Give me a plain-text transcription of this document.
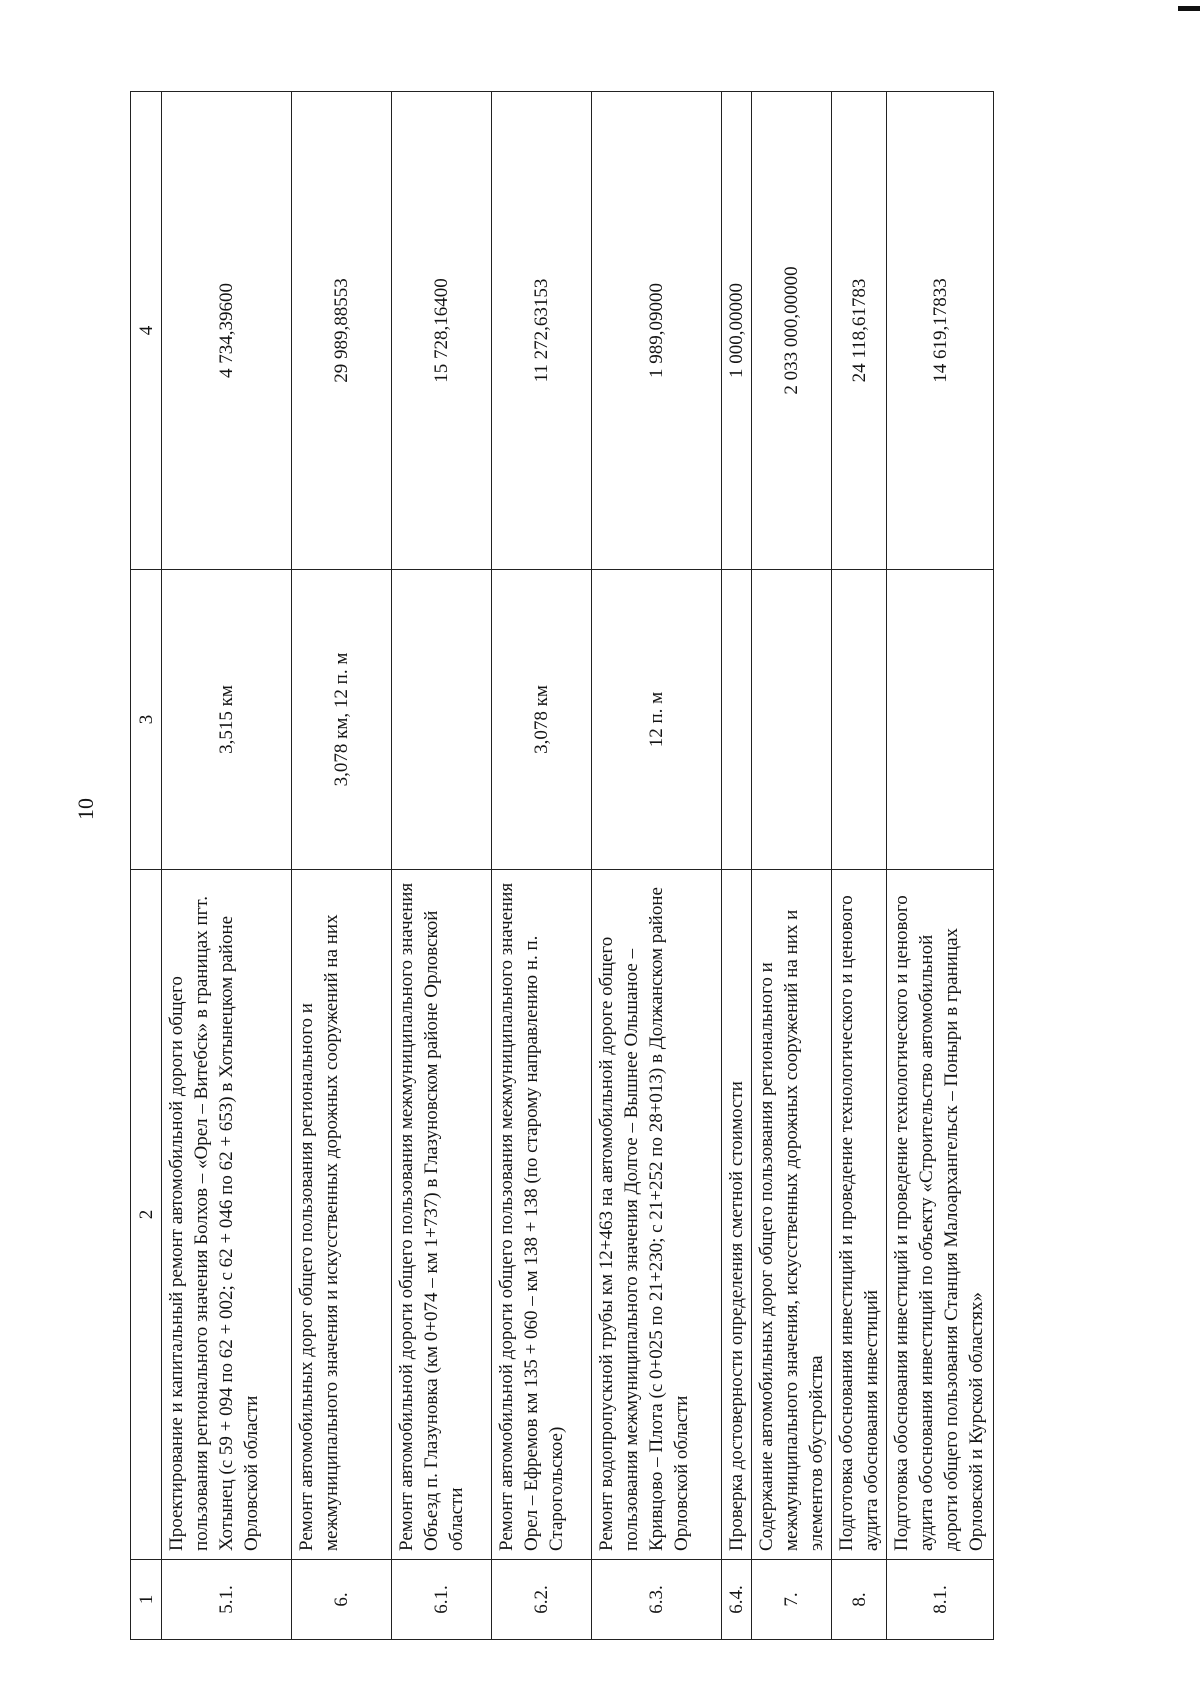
10
1	2	3	4
5.1.	Проектирование и капитальный ремонт автомобильной дороги общего пользования регионального значения Болхов – «Орел – Витебск» в границах пгт. Хотынец (с 59 + 094 по 62 + 002; с 62 + 046 по 62 + 653) в Хотынецком районе Орловской области	3,515 км	4 734,39600
6.	Ремонт автомобильных дорог общего пользования регионального и межмуниципального значения и искусственных дорожных сооружений на них	3,078 км, 12 п. м	29 989,88553
6.1.	Ремонт автомобильной дороги общего пользования межмуниципального значения Объезд п. Глазуновка (км 0+074 – км 1+737) в Глазуновском районе Орловской области		15 728,16400
6.2.	Ремонт автомобильной дороги общего пользования межмуниципального значения Орел – Ефремов км 135 + 060 – км 138 + 138 (по старому направлению н. п. Старогольское)	3,078 км	11 272,63153
6.3.	Ремонт водопропускной трубы км 12+463 на автомобильной дороге общего пользования межмуниципального значения Долгое – Вышнее Ольшаное – Кривцово – Плота (с 0+025 по 21+230; с 21+252 по 28+013) в Должанском районе Орловской области	12 п. м	1 989,09000
6.4.	Проверка достоверности определения сметной стоимости		1 000,00000
7.	Содержание автомобильных дорог общего пользования регионального и межмуниципального значения, искусственных дорожных сооружений на них и элементов обустройства		2 033 000,00000
8.	Подготовка обоснования инвестиций и проведение технологического и ценового аудита обоснования инвестиций		24 118,61783
8.1.	Подготовка обоснования инвестиций и проведение технологического и ценового аудита обоснования инвестиций по объекту «Строительство автомобильной дороги общего пользования Станция Малоархангельск – Поныри в границах Орловской и Курской областях»		14 619,17833
